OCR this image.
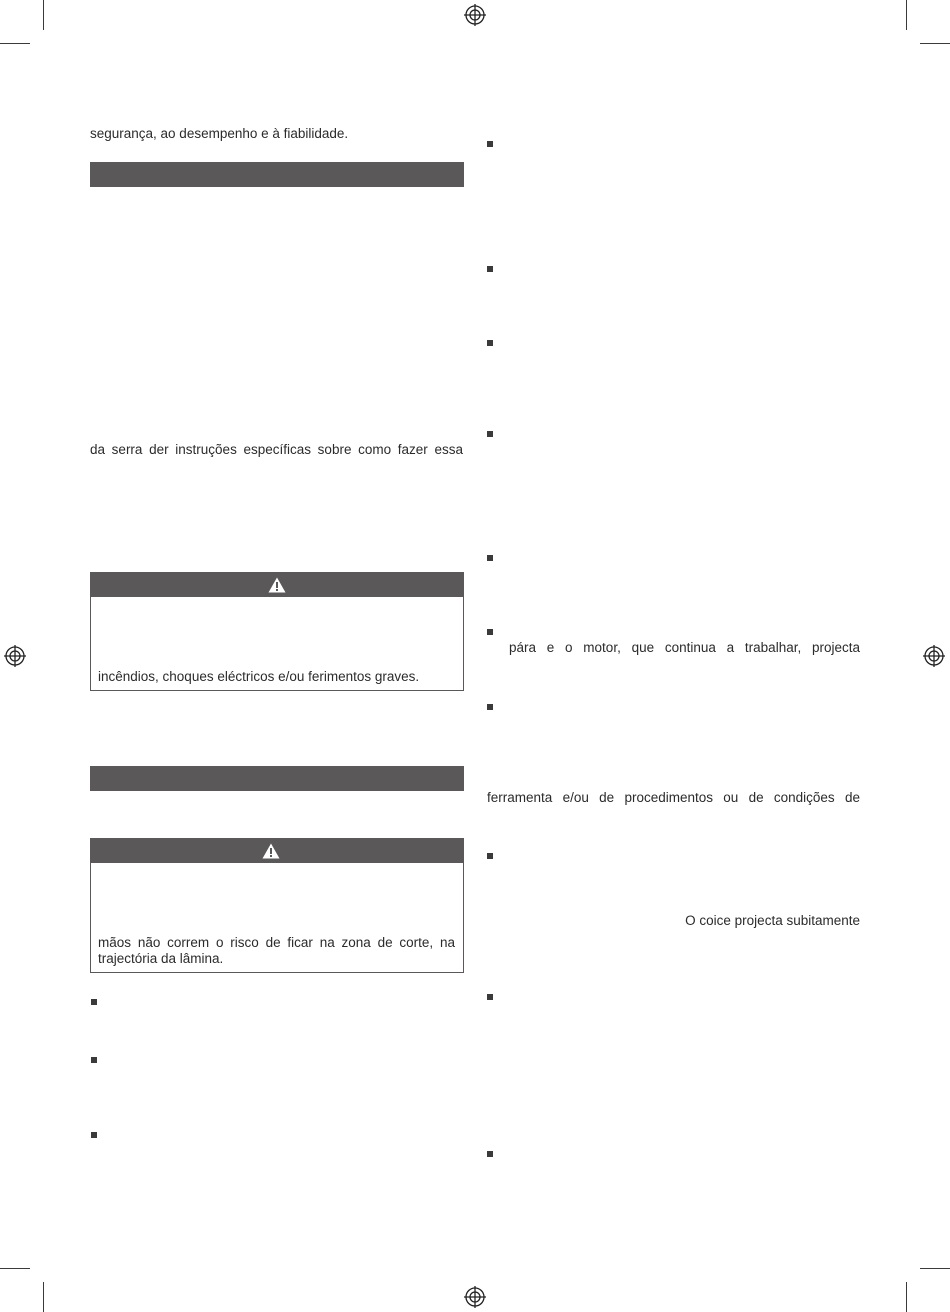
segurança, ao desempenho e à fiabilidade.
da serra der instruções específicas sobre como fazer essa
incêndios, choques eléctricos e/ou ferimentos graves.
mãos não correm o risco de ficar na zona de corte, na
trajectória da lâmina.
pára e o motor, que continua a trabalhar, projecta
ferramenta e/ou de procedimentos ou de condições de
O coice projecta subitamente
